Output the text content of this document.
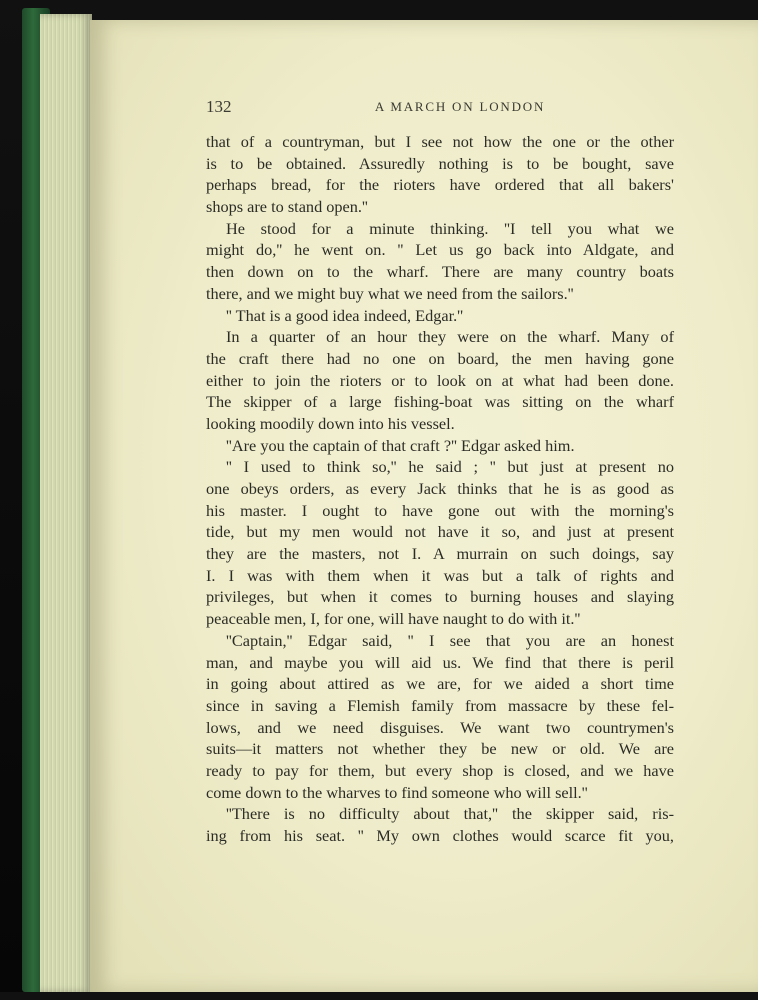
132	A MARCH ON LONDON
that of a countryman, but I see not how the one or the other
is to be obtained. Assuredly nothing is to be bought, save
perhaps bread, for the rioters have ordered that all bakers'
shops are to stand open.''
He stood for a minute thinking. ''I tell you what we
might do,'' he went on. '' Let us go back into Aldgate, and
then down on to the wharf. There are many country boats
there, and we might buy what we need from the sailors.''
'' That is a good idea indeed, Edgar.''
In a quarter of an hour they were on the wharf. Many of
the craft there had no one on board, the men having gone
either to join the rioters or to look on at what had been done.
The skipper of a large fishing-boat was sitting on the wharf
looking moodily down into his vessel.
''Are you the captain of that craft ?'' Edgar asked him.
'' I used to think so,'' he said ; '' but just at present no
one obeys orders, as every Jack thinks that he is as good as
his master. I ought to have gone out with the morning's
tide, but my men would not have it so, and just at present
they are the masters, not I. A murrain on such doings, say
I. I was with them when it was but a talk of rights and
privileges, but when it comes to burning houses and slaying
peaceable men, I, for one, will have naught to do with it.''
''Captain,'' Edgar said, '' I see that you are an honest
man, and maybe you will aid us. We find that there is peril
in going about attired as we are, for we aided a short time
since in saving a Flemish family from massacre by these fel-
lows, and we need disguises. We want two countrymen's
suits—it matters not whether they be new or old. We are
ready to pay for them, but every shop is closed, and we have
come down to the wharves to find someone who will sell.''
''There is no difficulty about that,'' the skipper said, ris-
ing from his seat. '' My own clothes would scarce fit you,
